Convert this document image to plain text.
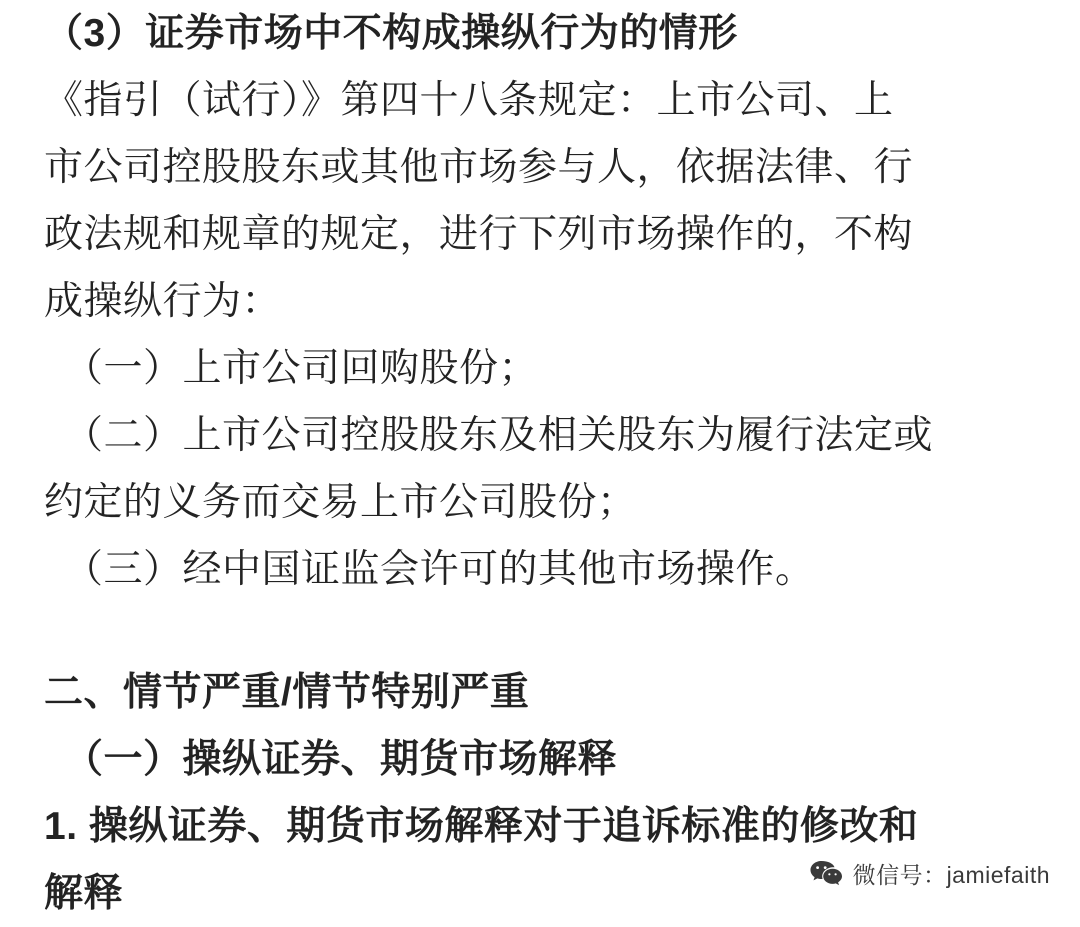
（3）证券市场中不构成操纵行为的情形
《指引（试行）》第四十八条规定：上市公司、上
市公司控股股东或其他市场参与人，依据法律、行
政法规和规章的规定，进行下列市场操作的，不构
成操纵行为：
（一）上市公司回购股份；
（二）上市公司控股股东及相关股东为履行法定或
约定的义务而交易上市公司股份；
（三）经中国证监会许可的其他市场操作。
二、情节严重/情节特别严重
（一）操纵证券、期货市场解释
1. 操纵证券、期货市场解释对于追诉标准的修改和
解释	微信号：jamiefaith
